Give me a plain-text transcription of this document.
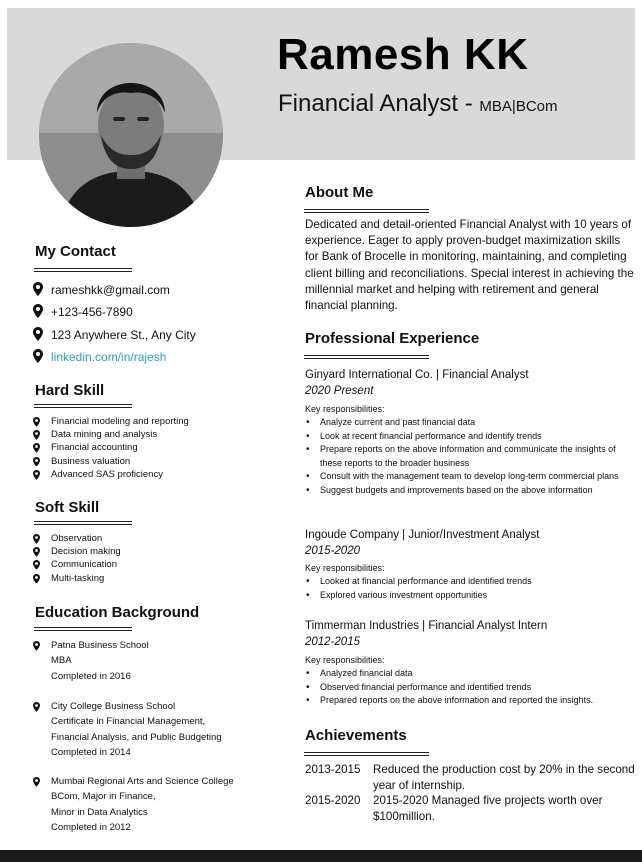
Ramesh KK
Financial Analyst - MBA|BCom
My Contact
rameshkk@gmail.com
+123-456-7890
123 Anywhere St., Any City
linkedin.com/in/rajesh
Hard Skill
Financial modeling and reporting
Data mining and analysis
Financial accounting
Business valuation
Advanced SAS proficiency
Soft Skill
Observation
Decision making
Communication
Multi-tasking
Education Background
Patna Business School
MBA
Completed in 2016
City College Business School
Certificate in Financial Management,
Financial Analysis, and Public Budgeting
Completed in 2014
Mumbai Regional Arts and Science College
BCom, Major in Finance,
Minor in Data Analytics
Completed in 2012
About Me
Dedicated and detail-oriented Financial Analyst with 10 years of experience. Eager to apply proven-budget maximization skills for Bank of Brocelle in monitoring, maintaining, and completing client billing and reconciliations. Special interest in achieving the millennial market and helping with retirement and general financial planning.
Professional Experience
Ginyard International Co. | Financial Analyst
2020 Present
Key responsibilities:
• Analyze current and past financial data
• Look at recent financial performance and identify trends
• Prepare reports on the above information and communicate the insights of these reports to the broader business
• Consult with the management team to develop long-term commercial plans
• Suggest budgets and improvements based on the above information
Ingoude Company | Junior/Investment Analyst
2015-2020
Key responsibilities:
• Looked at financial performance and identified trends
• Explored various investment opportunities
Timmerman Industries | Financial Analyst Intern
2012-2015
Key responsibilities:
• Analyzed financial data
• Observed financial performance and identified trends
• Prepared reports on the above information and reported the insights.
Achievements
2013-2015 Reduced the production cost by 20% in the second year of internship.
2015-2020 2015-2020 Managed five projects worth over $100million.
